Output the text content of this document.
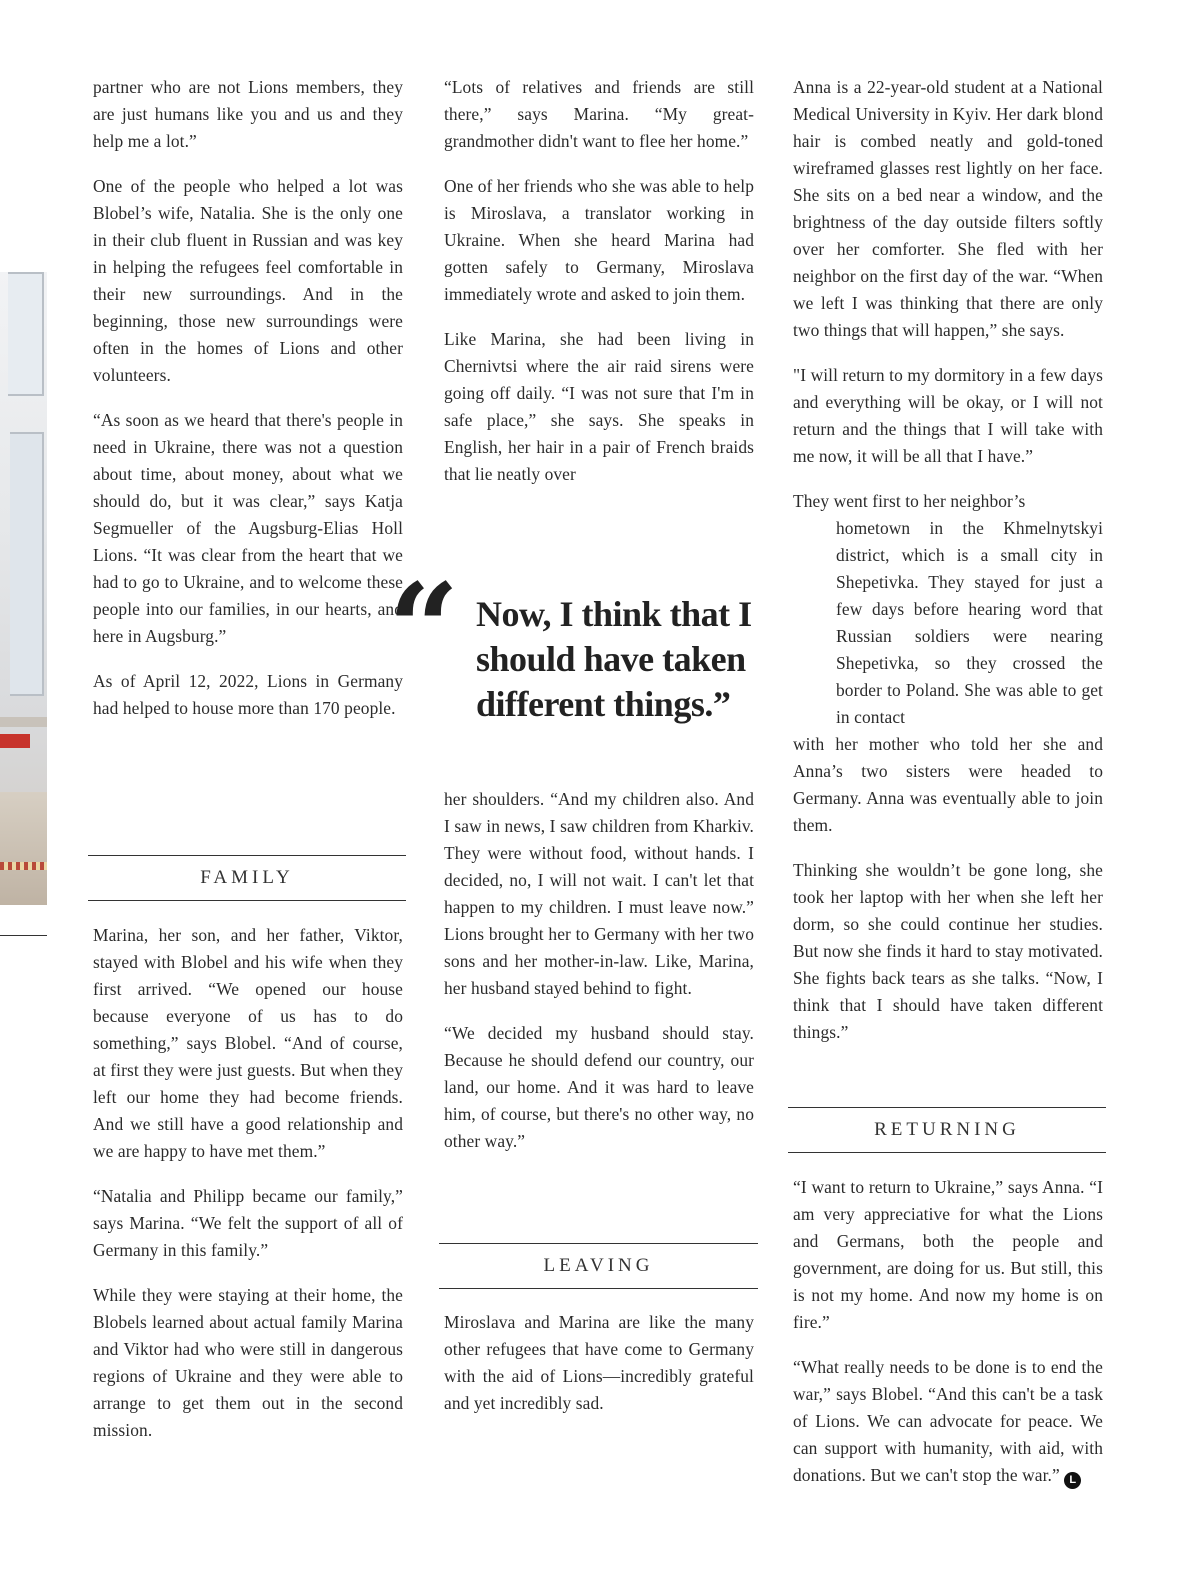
partner who are not Lions members, they are just humans like you and us and they help me a lot.”

One of the people who helped a lot was Blobel’s wife, Natalia. She is the only one in their club fluent in Russian and was key in helping the refugees feel comfortable in their new surroundings. And in the beginning, those new surroundings were often in the homes of Lions and other volunteers.

“As soon as we heard that there's people in need in Ukraine, there was not a question about time, about money, about what we should do, but it was clear,” says Katja Segmueller of the Augsburg-Elias Holl Lions. “It was clear from the heart that we had to go to Ukraine, and to welcome these people into our families, in our hearts, and here in Augsburg.”

As of April 12, 2022, Lions in Germany had helped to house more than 170 people.

FAMILY

Marina, her son, and her father, Viktor, stayed with Blobel and his wife when they first arrived. “We opened our house because everyone of us has to do something,” says Blobel. “And of course, at first they were just guests. But when they left our home they had become friends. And we still have a good relationship and we are happy to have met them.”

“Natalia and Philipp became our family,” says Marina. “We felt the support of all of Germany in this family.”

While they were staying at their home, the Blobels learned about actual family Marina and Viktor had who were still in dangerous regions of Ukraine and they were able to arrange to get them out in the second mission.

“Lots of relatives and friends are still there,” says Marina. “My great-grandmother didn't want to flee her home.”

One of her friends who she was able to help is Miroslava, a translator working in Ukraine. When she heard Marina had gotten safely to Germany, Miroslava immediately wrote and asked to join them.

Like Marina, she had been living in Chernivtsi where the air raid sirens were going off daily. “I was not sure that I'm in safe place,” she says. She speaks in English, her hair in a pair of French braids that lie neatly over

“ Now, I think that I should have taken different things.”

her shoulders. “And my children also. And I saw in news, I saw children from Kharkiv. They were without food, without hands. I decided, no, I will not wait. I can't let that happen to my children. I must leave now.” Lions brought her to Germany with her two sons and her mother-in-law. Like, Marina, her husband stayed behind to fight.

“We decided my husband should stay. Because he should defend our country, our land, our home. And it was hard to leave him, of course, but there's no other way, no other way.”

LEAVING

Miroslava and Marina are like the many other refugees that have come to Germany with the aid of Lions—incredibly grateful and yet incredibly sad.

Anna is a 22-year-old student at a National Medical University in Kyiv. Her dark blond hair is combed neatly and gold-toned wireframed glasses rest lightly on her face. She sits on a bed near a window, and the brightness of the day outside filters softly over her comforter. She fled with her neighbor on the first day of the war. “When we left I was thinking that there are only two things that will happen,” she says.

"I will return to my dormitory in a few days and everything will be okay, or I will not return and the things that I will take with me now, it will be all that I have.”

They went first to her neighbor’s

hometown in the Khmelnytskyi district, which is a small city in Shepetivka. They stayed for just a few days before hearing word that Russian soldiers were nearing Shepetivka, so they crossed the border to Poland. She was able to get in contact

with her mother who told her she and Anna’s two sisters were headed to Germany. Anna was eventually able to join them.

Thinking she wouldn’t be gone long, she took her laptop with her when she left her dorm, so she could continue her studies. But now she finds it hard to stay motivated. She fights back tears as she talks. “Now, I think that I should have taken different things.”

RETURNING

“I want to return to Ukraine,” says Anna. “I am very appreciative for what the Lions and Germans, both the people and government, are doing for us. But still, this is not my home. And now my home is on fire.”

“What really needs to be done is to end the war,” says Blobel. “And this can't be a task of Lions. We can advocate for peace. We can support with humanity, with aid, with donations. But we can't stop the war.” L
